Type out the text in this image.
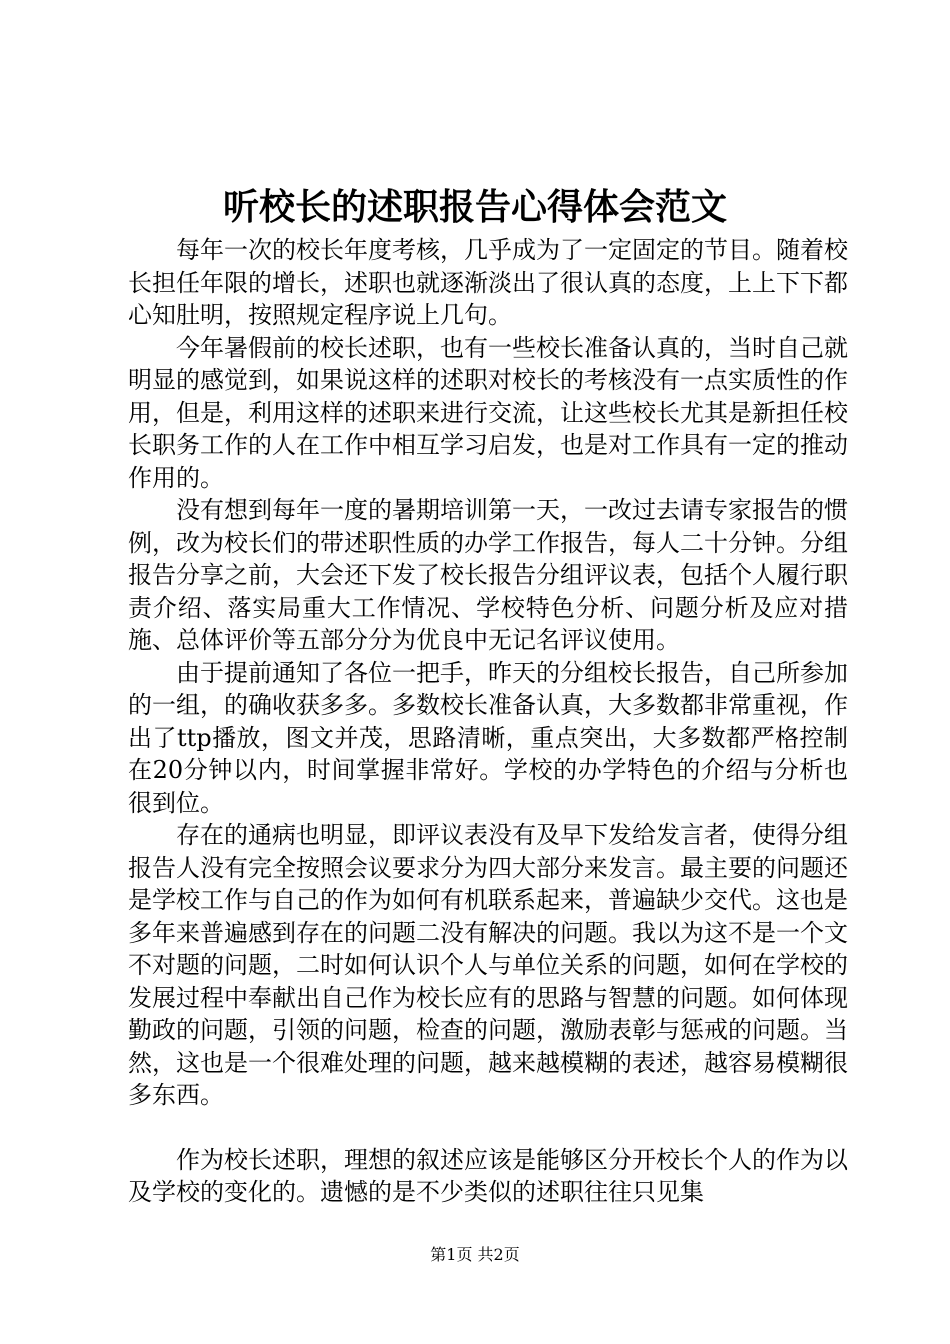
听校长的述职报告心得体会范文

每年一次的校长年度考核，几乎成为了一定固定的节目。随着校长担任年限的增长，述职也就逐渐淡出了很认真的态度，上上下下都心知肚明，按照规定程序说上几句。

今年暑假前的校长述职，也有一些校长准备认真的，当时自己就明显的感觉到，如果说这样的述职对校长的考核没有一点实质性的作用，但是，利用这样的述职来进行交流，让这些校长尤其是新担任校长职务工作的人在工作中相互学习启发，也是对工作具有一定的推动作用的。

没有想到每年一度的暑期培训第一天，一改过去请专家报告的惯例，改为校长们的带述职性质的办学工作报告，每人二十分钟。分组报告分享之前，大会还下发了校长报告分组评议表，包括个人履行职责介绍、落实局重大工作情况、学校特色分析、问题分析及应对措施、总体评价等五部分分为优良中无记名评议使用。

由于提前通知了各位一把手，昨天的分组校长报告，自己所参加的一组，的确收获多多。多数校长准备认真，大多数都非常重视，作出了ttp播放，图文并茂，思路清晰，重点突出，大多数都严格控制在20分钟以内，时间掌握非常好。学校的办学特色的介绍与分析也很到位。

存在的通病也明显，即评议表没有及早下发给发言者，使得分组报告人没有完全按照会议要求分为四大部分来发言。最主要的问题还是学校工作与自己的作为如何有机联系起来，普遍缺少交代。这也是多年来普遍感到存在的问题二没有解决的问题。我以为这不是一个文不对题的问题，二时如何认识个人与单位关系的问题，如何在学校的发展过程中奉献出自己作为校长应有的思路与智慧的问题。如何体现勤政的问题，引领的问题，检查的问题，激励表彰与惩戒的问题。当然，这也是一个很难处理的问题，越来越模糊的表述，越容易模糊很多东西。

作为校长述职，理想的叙述应该是能够区分开校长个人的作为以及学校的变化的。遗憾的是不少类似的述职往往只见集

第1页 共2页
